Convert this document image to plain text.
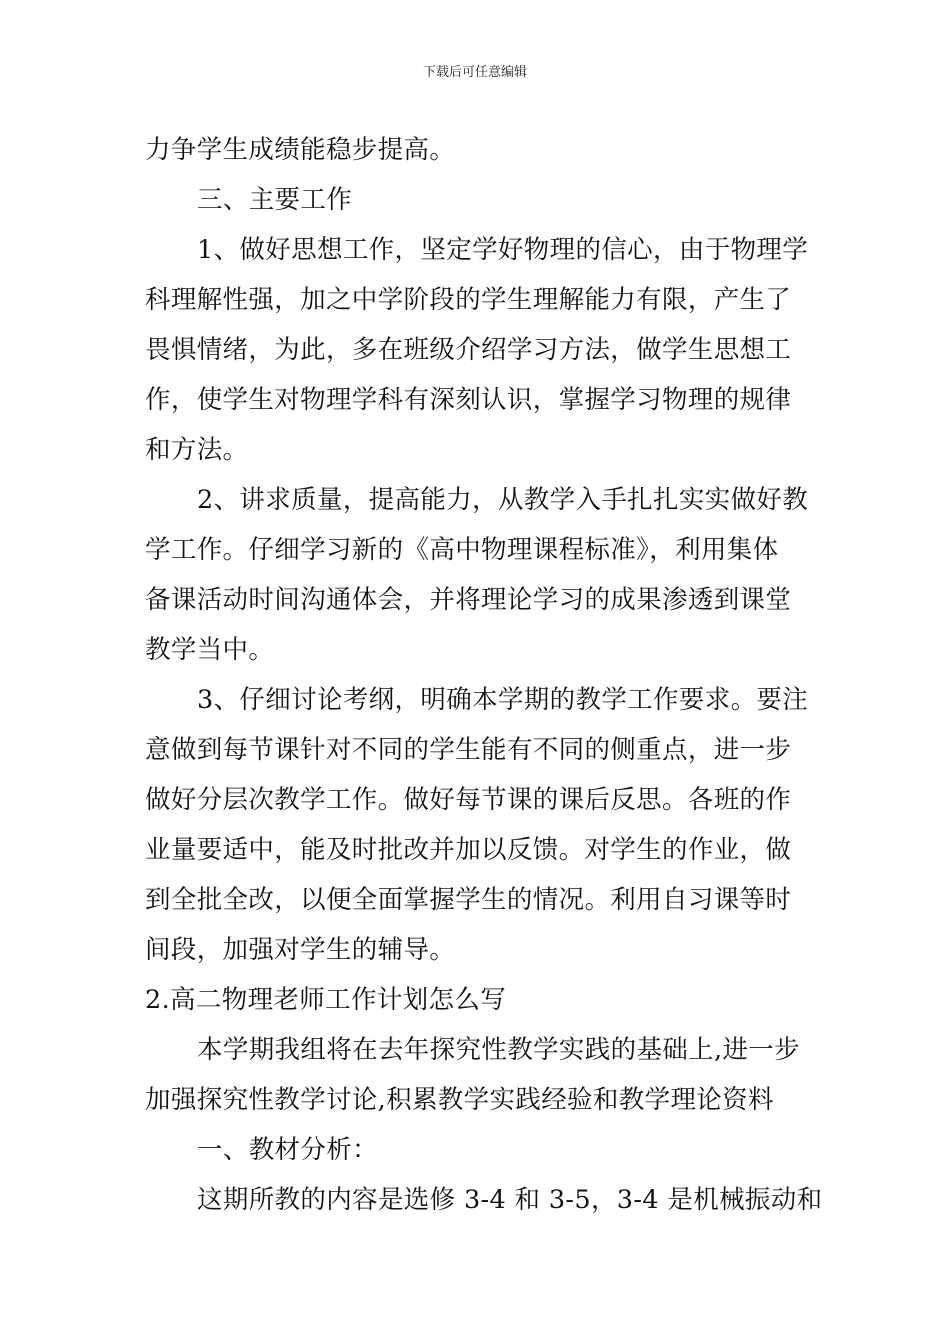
下载后可任意编辑
力争学生成绩能稳步提高。
三、主要工作
1、做好思想工作，坚定学好物理的信心，由于物理学
科理解性强，加之中学阶段的学生理解能力有限，产生了
畏惧情绪，为此，多在班级介绍学习方法，做学生思想工
作，使学生对物理学科有深刻认识，掌握学习物理的规律
和方法。
2、讲求质量，提高能力，从教学入手扎扎实实做好教
学工作。仔细学习新的《高中物理课程标准》，利用集体
备课活动时间沟通体会，并将理论学习的成果渗透到课堂
教学当中。
3、仔细讨论考纲，明确本学期的教学工作要求。要注
意做到每节课针对不同的学生能有不同的侧重点，进一步
做好分层次教学工作。做好每节课的课后反思。各班的作
业量要适中，能及时批改并加以反馈。对学生的作业，做
到全批全改，以便全面掌握学生的情况。利用自习课等时
间段，加强对学生的辅导。
2.高二物理老师工作计划怎么写
本学期我组将在去年探究性教学实践的基础上,进一步
加强探究性教学讨论,积累教学实践经验和教学理论资料
一、教材分析：
这期所教的内容是选修 3-4 和 3-5，3-4 是机械振动和
